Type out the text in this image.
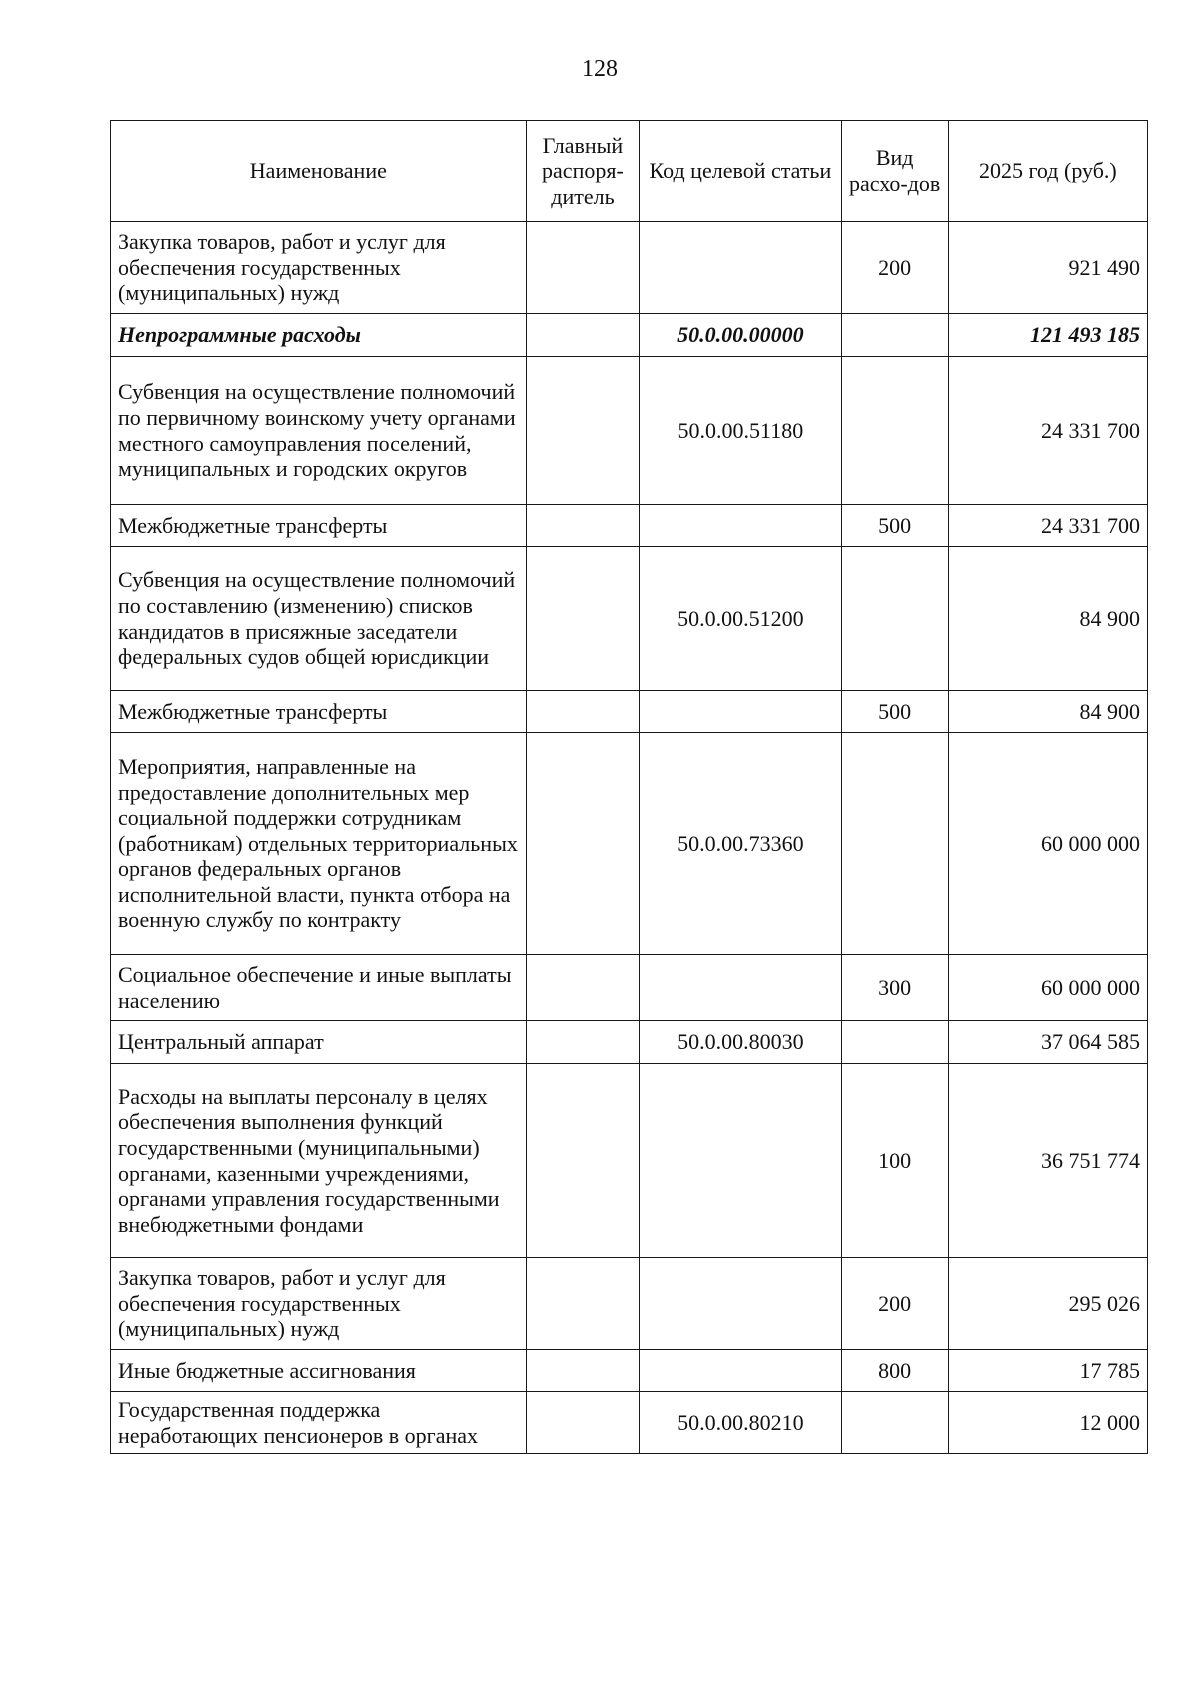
128
Наименование	Главный распоря-дитель	Код целевой статьи	Вид расхо-дов	2025 год (руб.)
Закупка товаров, работ и услуг для обеспечения государственных (муниципальных) нужд			200	921 490
Непрограммные расходы		50.0.00.00000		121 493 185
Субвенция на осуществление полномочий по первичному воинскому учету органами местного самоуправления поселений, муниципальных и городских округов		50.0.00.51180		24 331 700
Межбюджетные трансферты			500	24 331 700
Субвенция на осуществление полномочий по составлению (изменению) списков кандидатов в присяжные заседатели федеральных судов общей юрисдикции		50.0.00.51200		84 900
Межбюджетные трансферты			500	84 900
Мероприятия, направленные на предоставление дополнительных мер социальной поддержки сотрудникам (работникам) отдельных территориальных органов федеральных органов исполнительной власти, пункта отбора на военную службу по контракту		50.0.00.73360		60 000 000
Социальное обеспечение и иные выплаты населению			300	60 000 000
Центральный аппарат		50.0.00.80030		37 064 585
Расходы на выплаты персоналу в целях обеспечения выполнения функций государственными (муниципальными) органами, казенными учреждениями, органами управления государственными внебюджетными фондами			100	36 751 774
Закупка товаров, работ и услуг для обеспечения государственных (муниципальных) нужд			200	295 026
Иные бюджетные ассигнования			800	17 785
Государственная поддержка неработающих пенсионеров в органах		50.0.00.80210		12 000
